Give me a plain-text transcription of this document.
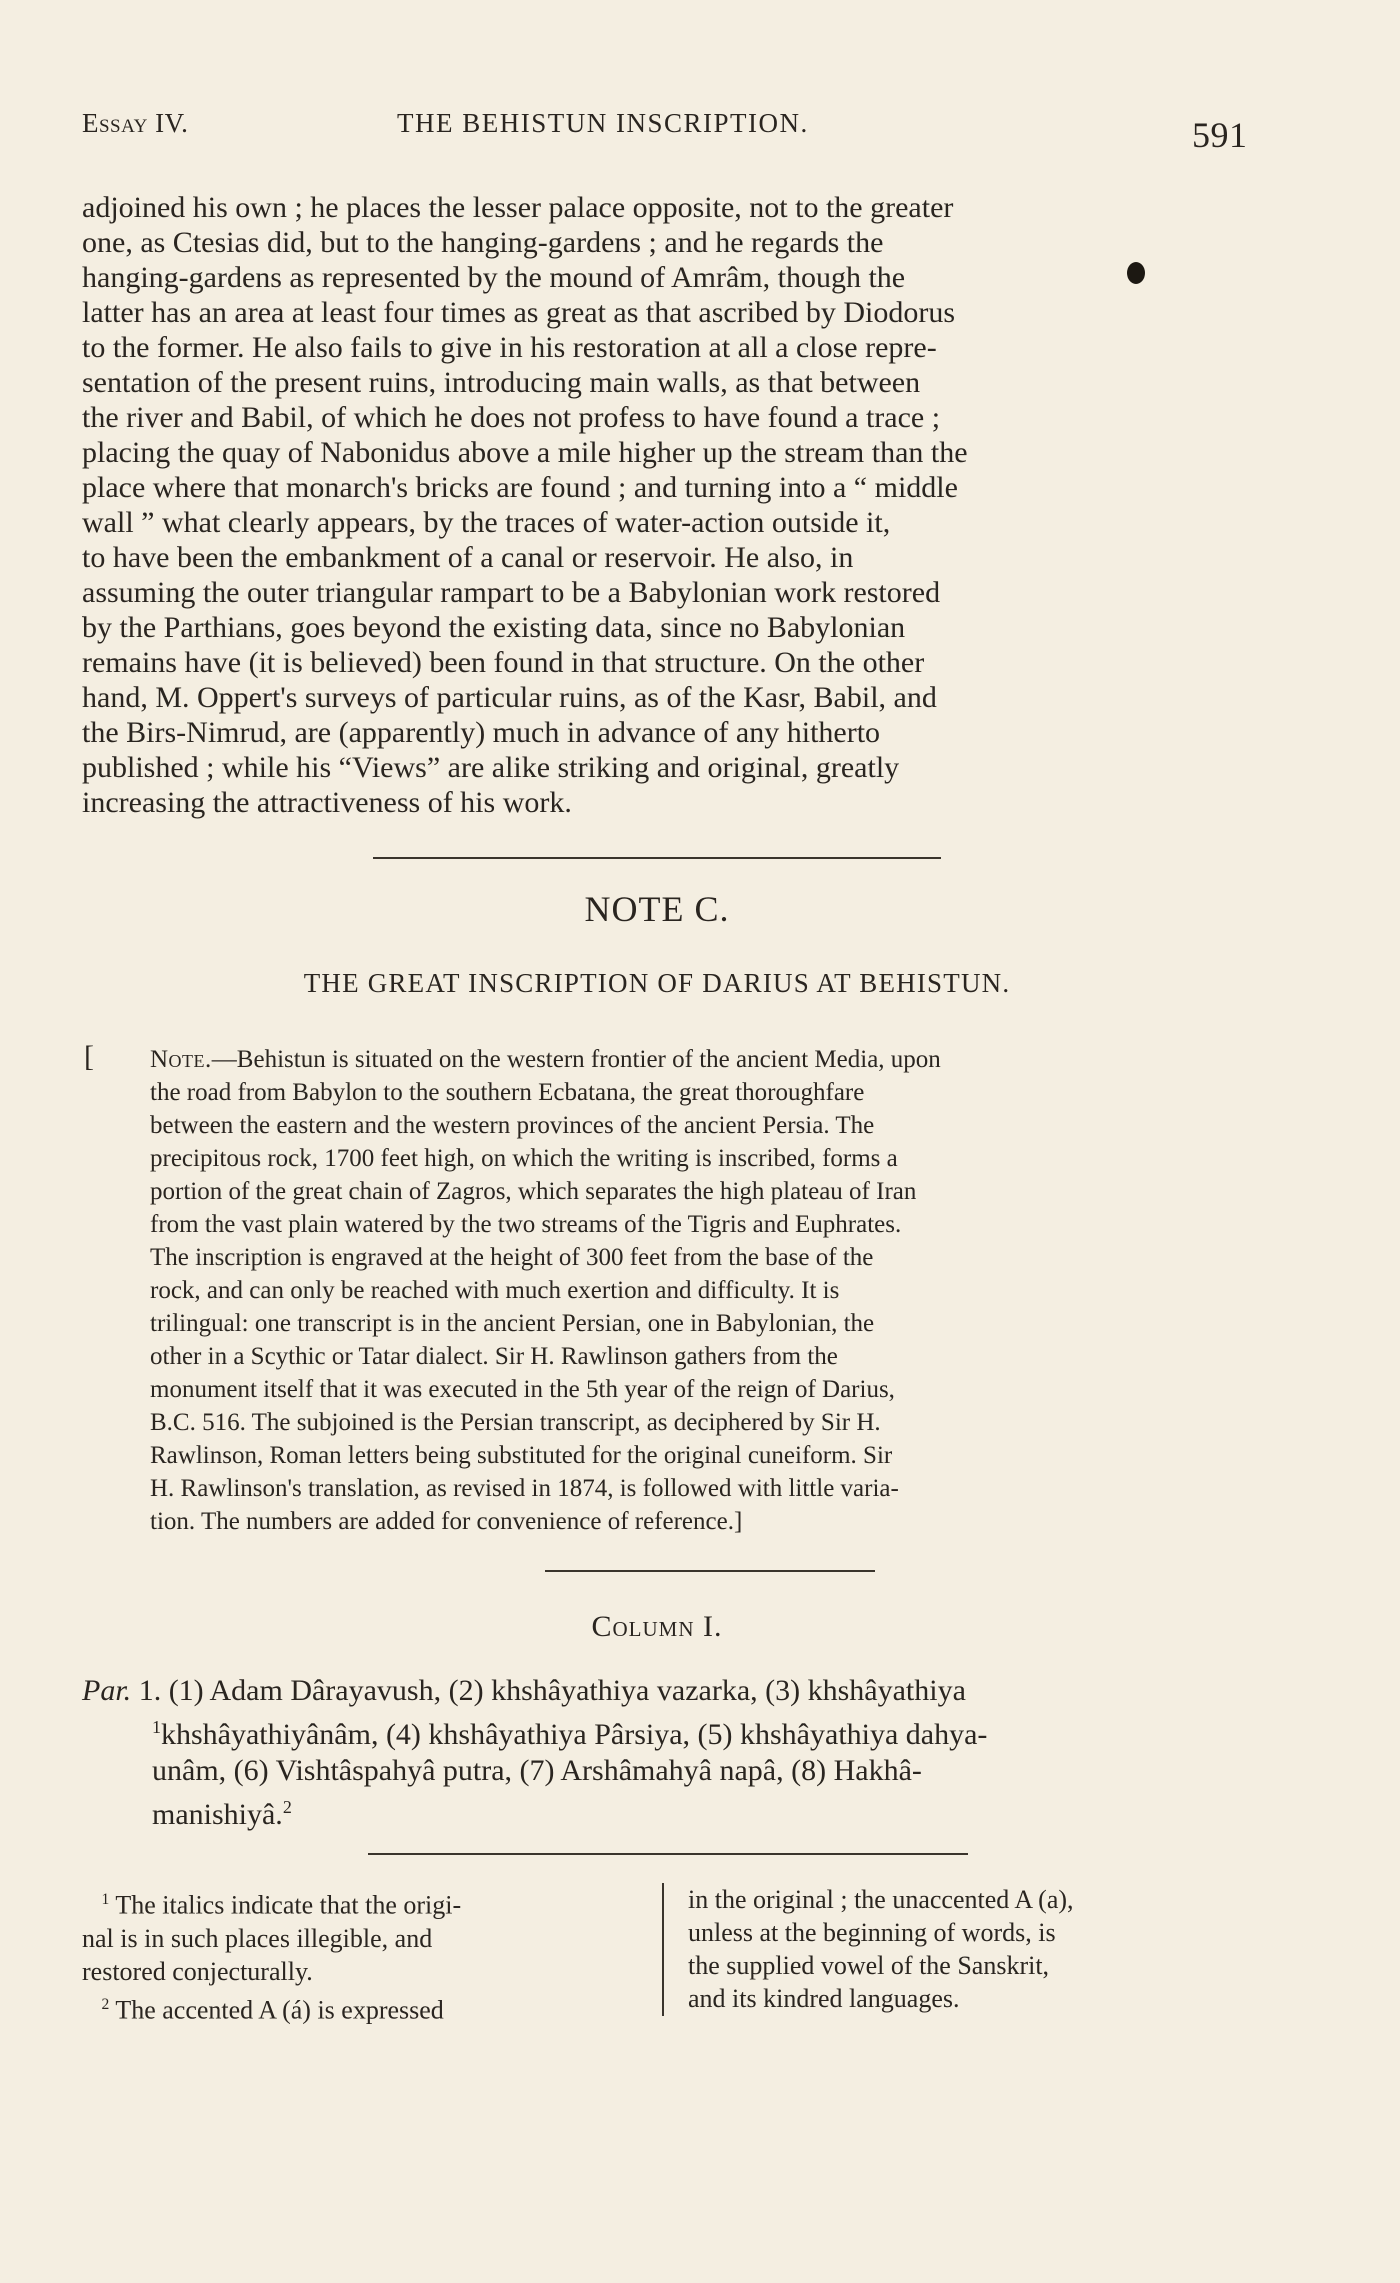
Essay IV.	THE BEHISTUN INSCRIPTION.	591

adjoined his own ; he places the lesser palace opposite, not to the greater

one, as Ctesias did, but to the hanging-gardens ; and he regards the

hanging-gardens as represented by the mound of Amrâm, though the

latter has an area at least four times as great as that ascribed by Diodorus

to the former. He also fails to give in his restoration at all a close repre-

sentation of the present ruins, introducing main walls, as that between

the river and Babil, of which he does not profess to have found a trace ;

placing the quay of Nabonidus above a mile higher up the stream than the

place where that monarch's bricks are found ; and turning into a “ middle

wall ” what clearly appears, by the traces of water-action outside it,

to have been the embankment of a canal or reservoir. He also, in

assuming the outer triangular rampart to be a Babylonian work restored

by the Parthians, goes beyond the existing data, since no Babylonian

remains have (it is believed) been found in that structure. On the other

hand, M. Oppert's surveys of particular ruins, as of the Kasr, Babil, and

the Birs-Nimrud, are (apparently) much in advance of any hitherto

published ; while his “Views” are alike striking and original, greatly

increasing the attractiveness of his work.

NOTE C.
THE GREAT INSCRIPTION OF DARIUS AT BEHISTUN.
[ Note.—Behistun is situated on the western frontier of the ancient Media, upon

the road from Babylon to the southern Ecbatana, the great thoroughfare

between the eastern and the western provinces of the ancient Persia. The

precipitous rock, 1700 feet high, on which the writing is inscribed, forms a

portion of the great chain of Zagros, which separates the high plateau of Iran

from the vast plain watered by the two streams of the Tigris and Euphrates.

The inscription is engraved at the height of 300 feet from the base of the

rock, and can only be reached with much exertion and difficulty. It is

trilingual: one transcript is in the ancient Persian, one in Babylonian, the

other in a Scythic or Tatar dialect. Sir H. Rawlinson gathers from the

monument itself that it was executed in the 5th year of the reign of Darius,

B.C. 516. The subjoined is the Persian transcript, as deciphered by Sir H.

Rawlinson, Roman letters being substituted for the original cuneiform. Sir

H. Rawlinson's translation, as revised in 1874, is followed with little varia-

tion. The numbers are added for convenience of reference.]

Column I.

Par. 1. (1) Adam Dârayavush, (2) khshâyathiya vazarka, (3) khshâyathiya

$^1$khshâyathiyânâm, (4) khshâyathiya Pârsiya, (5) khshâyathiya dahya-

unâm, (6) Vishtâspahyâ putra, (7) Arshâmahyâ napâ, (8) Hakhâ-

manishiyâ.$^2$

$^1$ The italics indicate that the origi-

nal is in such places illegible, and

restored conjecturally.

$^2$ The accented A (á) is expressed

in the original ; the unaccented A (a),

unless at the beginning of words, is

the supplied vowel of the Sanskrit,

and its kindred languages.
